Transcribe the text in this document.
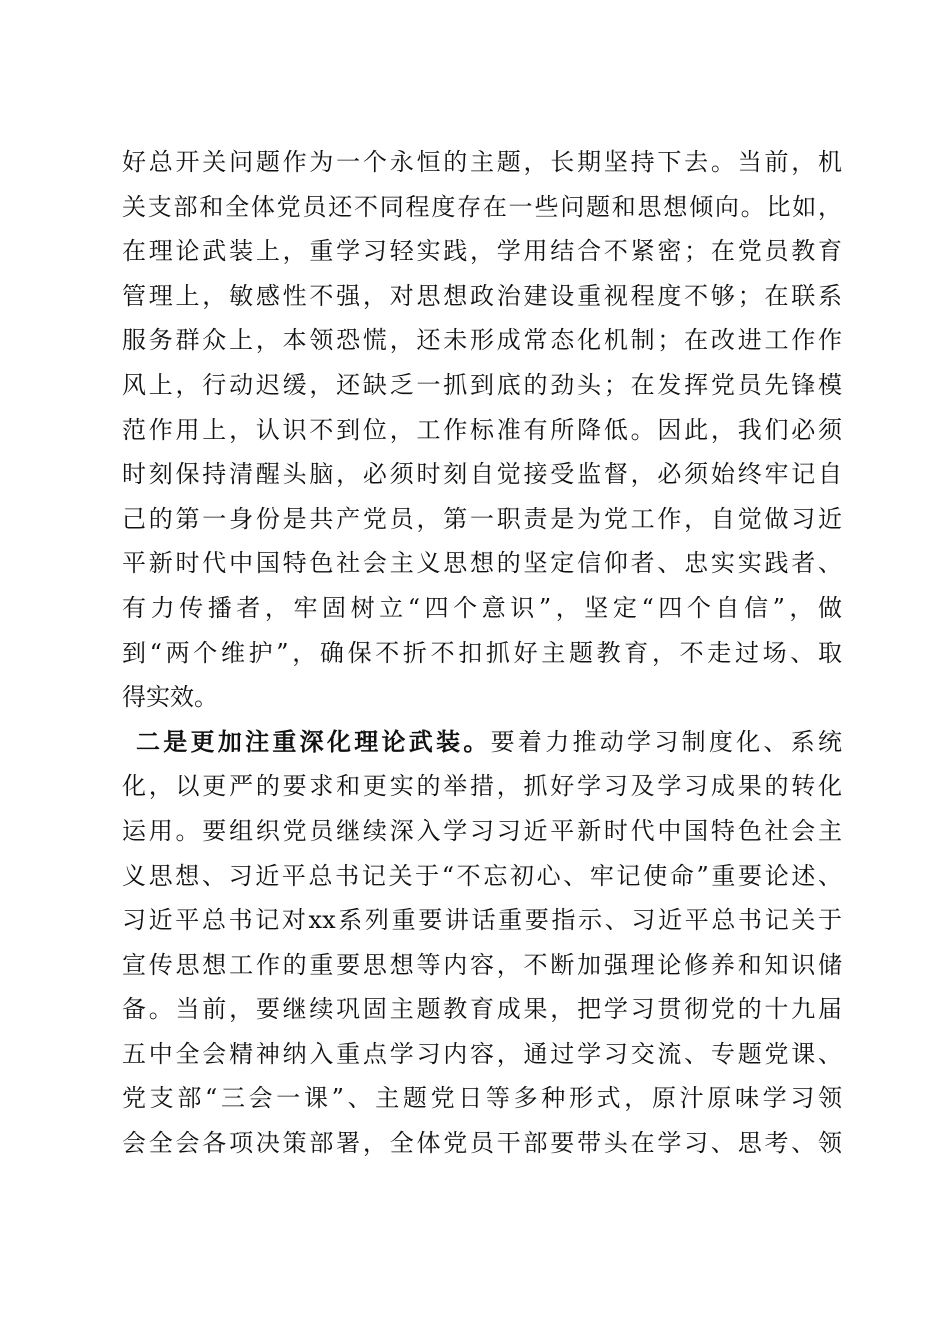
好总开关问题作为一个永恒的主题，长期坚持下去。当前，机
关支部和全体党员还不同程度存在一些问题和思想倾向。比如，
在理论武装上，重学习轻实践，学用结合不紧密；在党员教育
管理上，敏感性不强，对思想政治建设重视程度不够；在联系
服务群众上，本领恐慌，还未形成常态化机制；在改进工作作
风上，行动迟缓，还缺乏一抓到底的劲头；在发挥党员先锋模
范作用上，认识不到位，工作标准有所降低。因此，我们必须
时刻保持清醒头脑，必须时刻自觉接受监督，必须始终牢记自
己的第一身份是共产党员，第一职责是为党工作，自觉做习近
平新时代中国特色社会主义思想的坚定信仰者、忠实实践者、
有力传播者，牢固树立“四个意识”，坚定“四个自信”，做
到“两个维护”，确保不折不扣抓好主题教育，不走过场、取
得实效。
二是更加注重深化理论武装。要着力推动学习制度化、系统
化，以更严的要求和更实的举措，抓好学习及学习成果的转化
运用。要组织党员继续深入学习习近平新时代中国特色社会主
义思想、习近平总书记关于“不忘初心、牢记使命”重要论述、
习近平总书记对xx系列重要讲话重要指示、习近平总书记关于
宣传思想工作的重要思想等内容，不断加强理论修养和知识储
备。当前，要继续巩固主题教育成果，把学习贯彻党的十九届
五中全会精神纳入重点学习内容，通过学习交流、专题党课、
党支部“三会一课”、主题党日等多种形式，原汁原味学习领
会全会各项决策部署，全体党员干部要带头在学习、思考、领
